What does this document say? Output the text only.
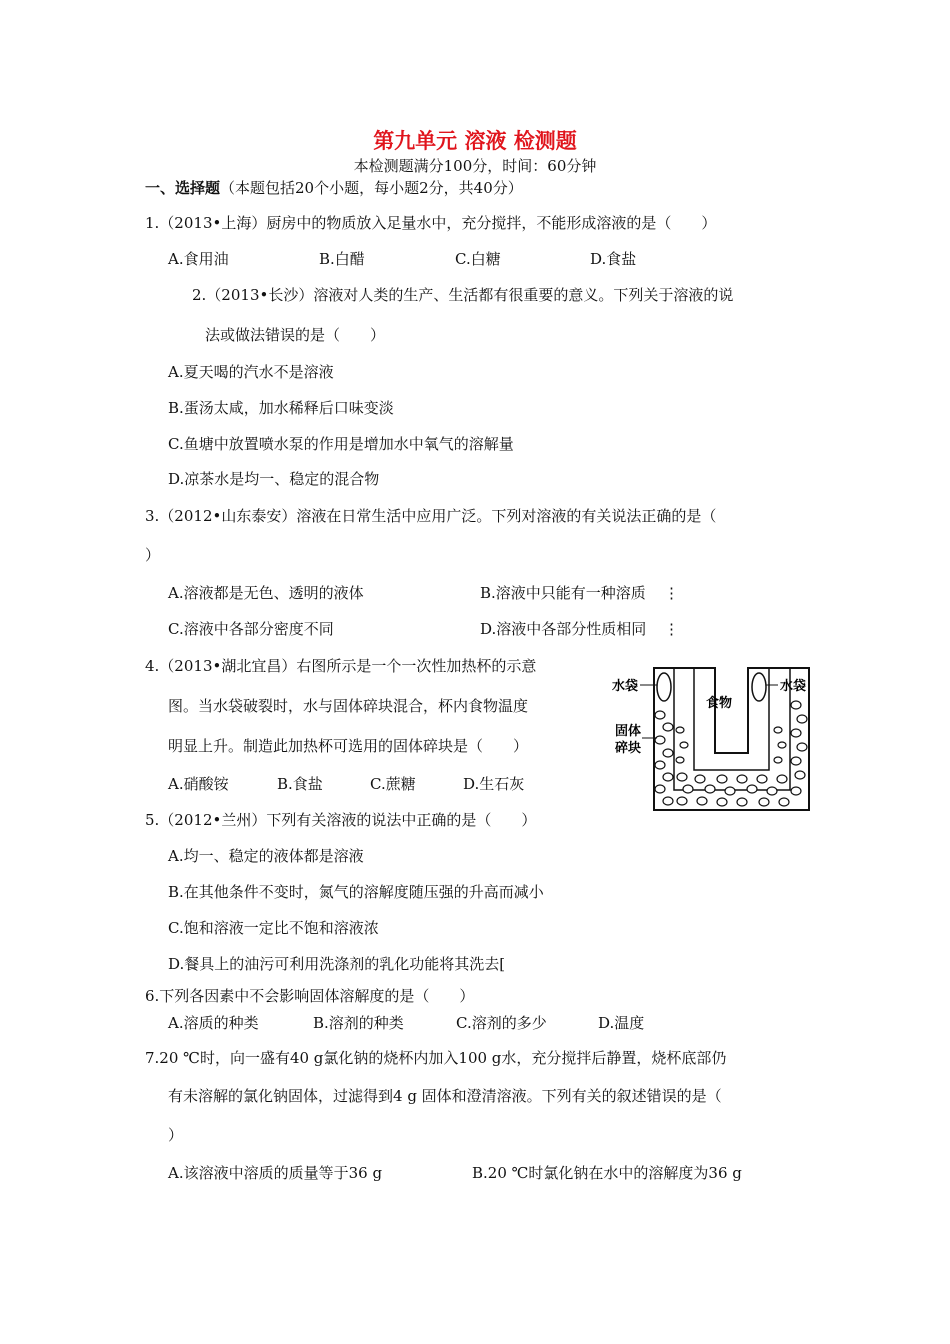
第九单元 溶液 检测题
本检测题满分100分，时间：60分钟
一、选择题（本题包括20个小题，每小题2分，共40分）
1.（2013•上海）厨房中的物质放入足量水中，充分搅拌，不能形成溶液的是（　　）
A.食用油	B.白醋	C.白糖	D.食盐
2.（2013•长沙）溶液对人类的生产、生活都有很重要的意义。下列关于溶液的说
法或做法错误的是（　　）
A.夏天喝的汽水不是溶液
B.蛋汤太咸，加水稀释后口味变淡
C.鱼塘中放置喷水泵的作用是增加水中氧气的溶解量
D.凉茶水是均一、稳定的混合物
3.（2012•山东泰安）溶液在日常生活中应用广泛。下列对溶液的有关说法正确的是（
）
A.溶液都是无色、透明的液体	B.溶液中只能有一种溶质 ⋮
C.溶液中各部分密度不同	D.溶液中各部分性质相同 ⋮
4.（2013•湖北宜昌）右图所示是一个一次性加热杯的示意
图。当水袋破裂时，水与固体碎块混合，杯内食物温度
明显上升。制造此加热杯可选用的固体碎块是（　　）
A.硝酸铵	B.食盐	C.蔗糖	D.生石灰
水袋
食物
水袋
固体
碎块
5.（2012•兰州）下列有关溶液的说法中正确的是（　　）
A.均一、稳定的液体都是溶液
B.在其他条件不变时，氮气的溶解度随压强的升高而减小
C.饱和溶液一定比不饱和溶液浓
D.餐具上的油污可利用洗涤剂的乳化功能将其洗去[
6.下列各因素中不会影响固体溶解度的是（　　）
A.溶质的种类	B.溶剂的种类	C.溶剂的多少	D.温度
7.20 ℃时，向一盛有40 g氯化钠的烧杯内加入100 g水，充分搅拌后静置，烧杯底部仍
有未溶解的氯化钠固体，过滤得到4 g 固体和澄清溶液。下列有关的叙述错误的是（
）
A.该溶液中溶质的质量等于36 g	B.20 ℃时氯化钠在水中的溶解度为36 g
